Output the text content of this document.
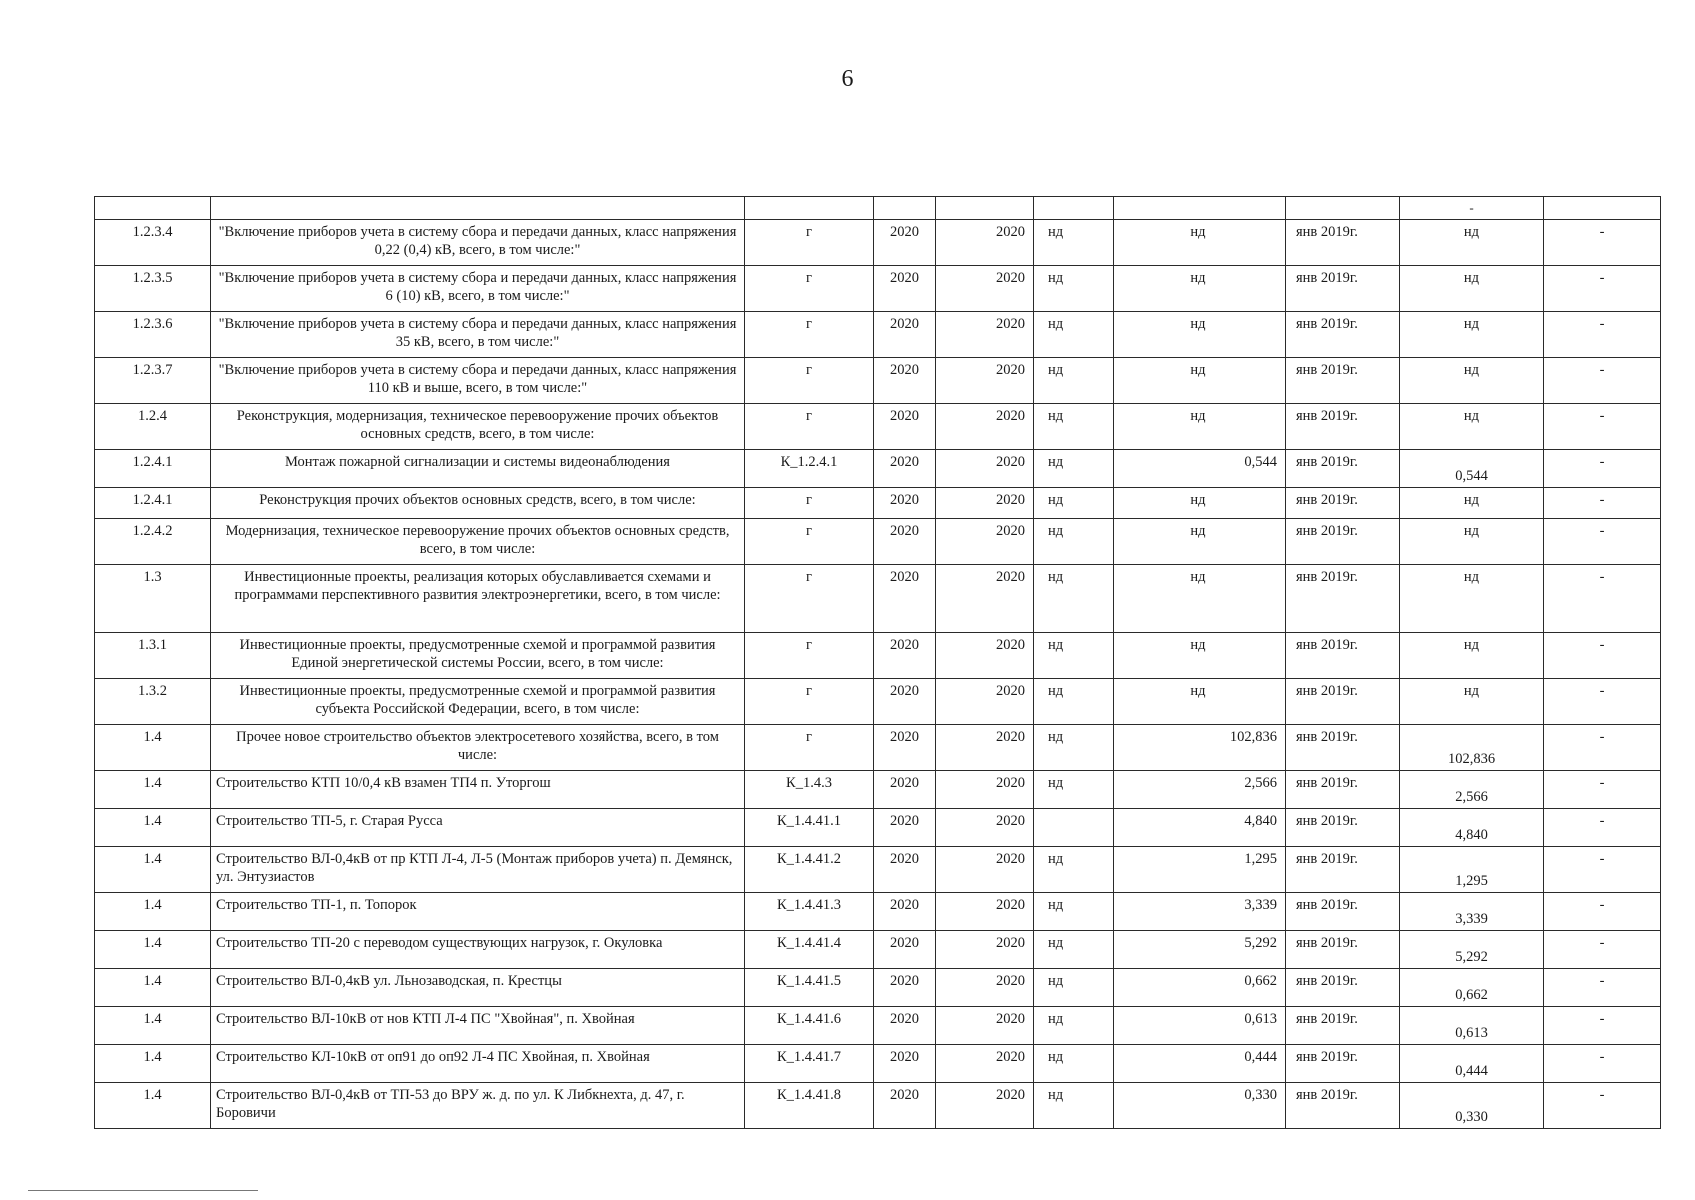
6
								-	
1.2.3.4	"Включение приборов учета в систему сбора и передачи данных, класс напряжения 0,22 (0,4) кВ, всего, в том числе:"	г	2020	2020	нд	нд	янв 2019г.	нд	-
1.2.3.5	"Включение приборов учета в систему сбора и передачи данных, класс напряжения 6 (10) кВ, всего, в том числе:"	г	2020	2020	нд	нд	янв 2019г.	нд	-
1.2.3.6	"Включение приборов учета в систему сбора и передачи данных, класс напряжения 35 кВ, всего, в том числе:"	г	2020	2020	нд	нд	янв 2019г.	нд	-
1.2.3.7	"Включение приборов учета в систему сбора и передачи данных, класс напряжения 110 кВ и выше, всего, в том числе:"	г	2020	2020	нд	нд	янв 2019г.	нд	-
1.2.4	Реконструкция, модернизация, техническое перевооружение прочих объектов основных средств, всего, в том числе:	г	2020	2020	нд	нд	янв 2019г.	нд	-
1.2.4.1	Монтаж пожарной сигнализации и системы видеонаблюдения	К_1.2.4.1	2020	2020	нд	0,544	янв 2019г.	0,544	-
1.2.4.1	Реконструкция прочих объектов основных средств, всего, в том числе:	г	2020	2020	нд	нд	янв 2019г.	нд	-
1.2.4.2	Модернизация, техническое перевооружение прочих объектов основных средств, всего, в том числе:	г	2020	2020	нд	нд	янв 2019г.	нд	-
1.3	Инвестиционные проекты, реализация которых обуславливается схемами и программами перспективного развития электроэнергетики, всего, в том числе:	г	2020	2020	нд	нд	янв 2019г.	нд	-
1.3.1	Инвестиционные проекты, предусмотренные схемой и программой развития Единой энергетической системы России, всего, в том числе:	г	2020	2020	нд	нд	янв 2019г.	нд	-
1.3.2	Инвестиционные проекты, предусмотренные схемой и программой развития субъекта Российской Федерации, всего, в том числе:	г	2020	2020	нд	нд	янв 2019г.	нд	-
1.4	Прочее новое строительство объектов электросетевого хозяйства, всего, в том числе:	г	2020	2020	нд	102,836	янв 2019г.	102,836	-
1.4	Строительство КТП 10/0,4 кВ взамен ТП4 п. Уторгош	К_1.4.3	2020	2020	нд	2,566	янв 2019г.	2,566	-
1.4	Строительство ТП-5, г. Старая Русса	К_1.4.41.1	2020	2020		4,840	янв 2019г.	4,840	-
1.4	Строительство ВЛ-0,4кВ от пр КТП Л-4, Л-5 (Монтаж приборов учета) п. Демянск, ул. Энтузиастов	К_1.4.41.2	2020	2020	нд	1,295	янв 2019г.	1,295	-
1.4	Строительство ТП-1, п. Топорок	К_1.4.41.3	2020	2020	нд	3,339	янв 2019г.	3,339	-
1.4	Строительство ТП-20 с переводом существующих нагрузок, г. Окуловка	К_1.4.41.4	2020	2020	нд	5,292	янв 2019г.	5,292	-
1.4	Строительство ВЛ-0,4кВ ул. Льнозаводская, п. Крестцы	К_1.4.41.5	2020	2020	нд	0,662	янв 2019г.	0,662	-
1.4	Строительство ВЛ-10кВ от нов КТП Л-4 ПС "Хвойная", п. Хвойная	К_1.4.41.6	2020	2020	нд	0,613	янв 2019г.	0,613	-
1.4	Строительство КЛ-10кВ от оп91 до оп92 Л-4 ПС Хвойная, п. Хвойная	К_1.4.41.7	2020	2020	нд	0,444	янв 2019г.	0,444	-
1.4	Строительство ВЛ-0,4кВ от ТП-53 до ВРУ ж. д. по ул. К Либкнехта, д. 47, г. Боровичи	К_1.4.41.8	2020	2020	нд	0,330	янв 2019г.	0,330	-
